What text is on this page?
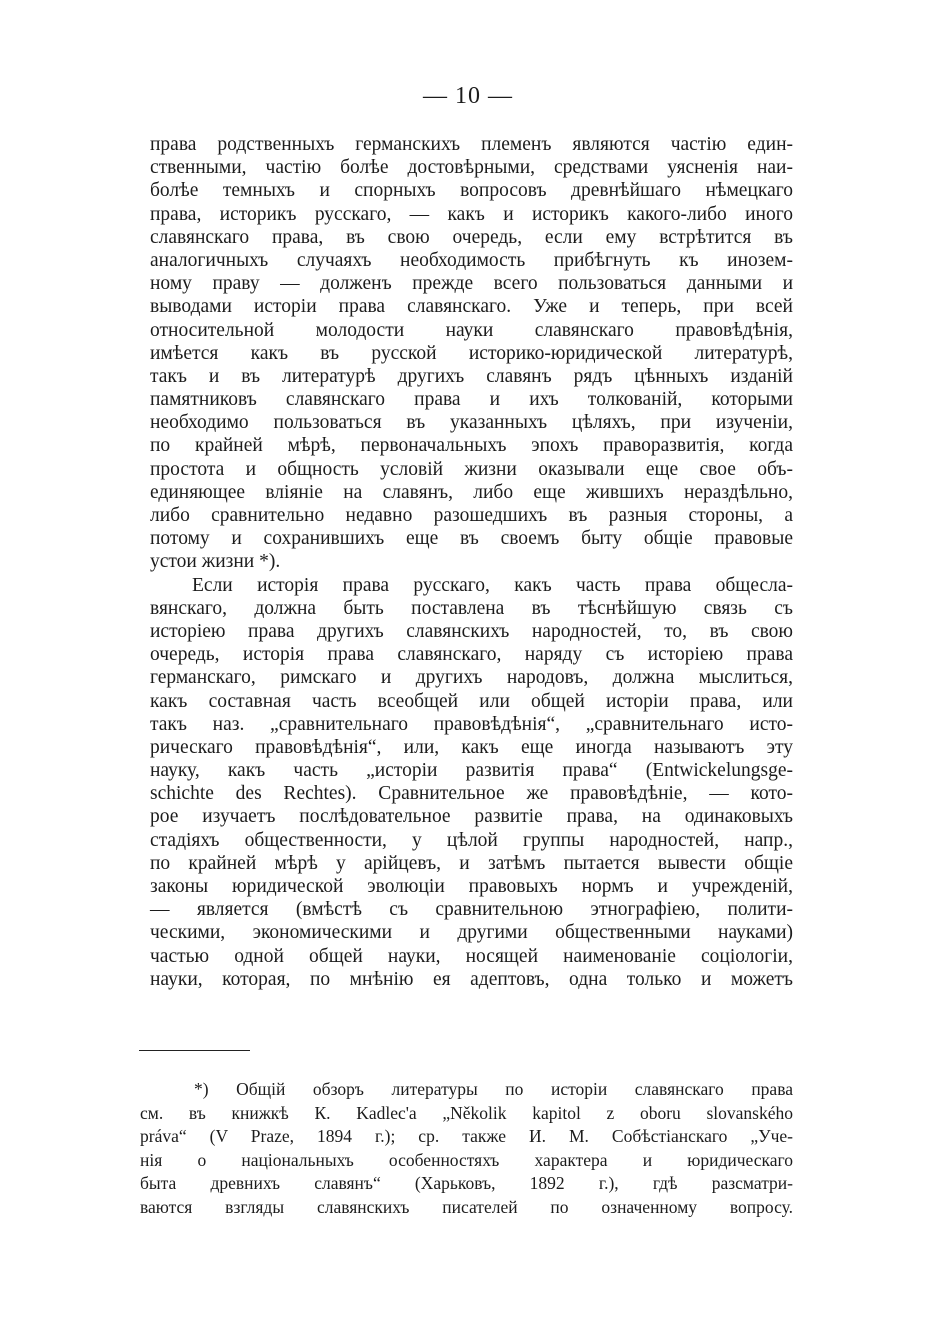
— 10 —
права родственныхъ германскихъ племенъ являются частію един-
ственными, частію болѣе достовѣрными, средствами уясненія наи-
болѣе темныхъ и спорныхъ вопросовъ древнѣйшаго нѣмецкаго
права, историкъ русскаго, — какъ и историкъ какого-либо иного
славянскаго права, въ свою очередь, если ему встрѣтится въ
аналогичныхъ случаяхъ необходимость прибѣгнуть къ инозем-
ному праву — долженъ прежде всего пользоваться данными и
выводами исторіи права славянскаго. Уже и теперь, при всей
относительной молодости науки славянскаго правовѣдѣнія,
имѣется какъ въ русской историко-юридической литературѣ,
такъ и въ литературѣ другихъ славянъ рядъ цѣнныхъ изданій
памятниковъ славянскаго права и ихъ толкованій, которыми
необходимо пользоваться въ указанныхъ цѣляхъ, при изученіи,
по крайней мѣрѣ, первоначальныхъ эпохъ праворазвитія, когда
простота и общность условій жизни оказывали еще свое объ-
единяющее вліяніе на славянъ, либо еще жившихъ нераздѣльно,
либо сравнительно недавно разошедшихъ въ разныя стороны, а
потому и сохранившихъ еще въ своемъ быту общіе правовые
устои жизни *).
Если исторія права русскаго, какъ часть права общесла-
вянскаго, должна быть поставлена въ тѣснѣйшую связь съ
исторіею права другихъ славянскихъ народностей, то, въ свою
очередь, исторія права славянскаго, наряду съ исторіею права
германскаго, римскаго и другихъ народовъ, должна мыслиться,
какъ составная часть всеобщей или общей исторіи права, или
такъ наз. „сравнительнаго правовѣдѣнія“, „сравнительнаго исто-
рическаго правовѣдѣнія“, или, какъ еще иногда называютъ эту
науку, какъ часть „исторіи развитія права“ (Entwickelungsge-
schichte des Rechtes). Сравнительное же правовѣдѣніе, — кото-
рое изучаетъ послѣдовательное развитіе права, на одинаковыхъ
стадіяхъ общественности, у цѣлой группы народностей, напр.,
по крайней мѣрѣ у арійцевъ, и затѣмъ пытается вывести общіе
законы юридической эволюціи правовыхъ нормъ и учрежденій,
— является (вмѣстѣ съ сравнительною этнографіею, полити-
ческими, экономическими и другими общественными науками)
частью одной общей науки, носящей наименованіе соціологіи,
науки, которая, по мнѣнію ея адептовъ, одна только и можетъ
*) Общій обзоръ литературы по исторіи славянскаго права
см. въ книжкѣ К. Kadlec'a „Několik kapitol z oboru slovanského
práva“ (V Praze, 1894 г.); ср. также И. М. Собѣстіанскаго „Уче-
нія о національныхъ особенностяхъ характера и юридическаго
быта древнихъ славянъ“ (Харьковъ, 1892 г.), гдѣ разсматри-
ваются взгляды славянскихъ писателей по означенному вопросу.
